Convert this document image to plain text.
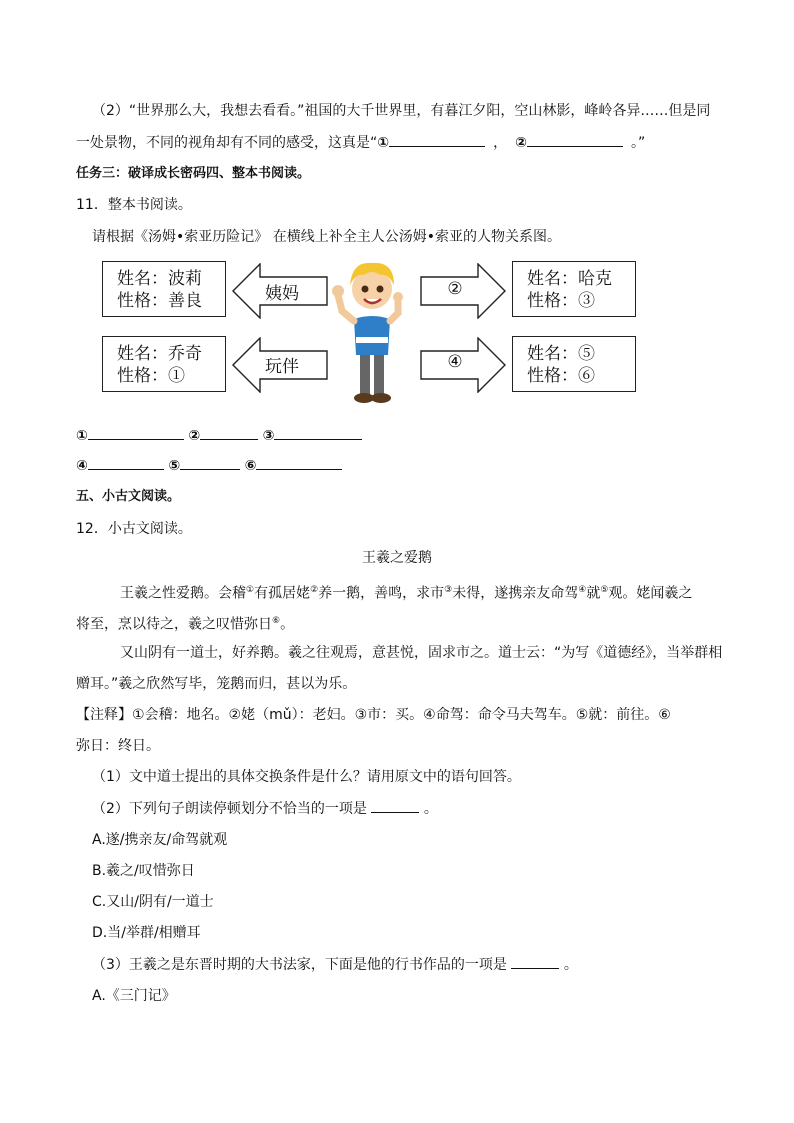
（2）“世界那么大，我想去看看。”祖国的大千世界里，有暮江夕阳，空山林影，峰岭各异……但是同
一处景物，不同的视角却有不同的感受，这真是“①	， ②	。”
任务三：破译成长密码四、整本书阅读。
11．整本书阅读。
请根据《汤姆•索亚历险记》 在横线上补全主人公汤姆•索亚的人物关系图。
姓名：波莉
性格：善良
姓名：乔奇
性格：①
姓名：哈克
性格：③
姓名：⑤
性格：⑥
姨妈
玩伴
②
④
①	②	③
④	⑤	⑥
五、小古文阅读。
12．小古文阅读。
王羲之爱鹅
王羲之性爱鹅。会稽①有孤居姥②养一鹅，善鸣，求市③未得，遂携亲友命驾④就⑤观。姥闻羲之
将至，烹以待之，羲之叹惜弥日⑥。
又山阴有一道士，好养鹅。羲之往观焉，意甚悦，固求市之。道士云：“为写《道德经》，当举群相
赠耳。”羲之欣然写毕，笼鹅而归，甚以为乐。
【注释】①会稽：地名。②姥（mǔ）：老妇。③市：买。④命驾：命令马夫驾车。⑤就：前往。⑥
弥日：终日。
（1）文中道士提出的具体交换条件是什么？请用原文中的语句回答。
（2）下列句子朗读停顿划分不恰当的一项是	。
A.遂/携亲友/命驾就观
B.羲之/叹惜弥日
C.又山/阴有/一道士
D.当/举群/相赠耳
（3）王羲之是东晋时期的大书法家，下面是他的行书作品的一项是	。
A.《三门记》
